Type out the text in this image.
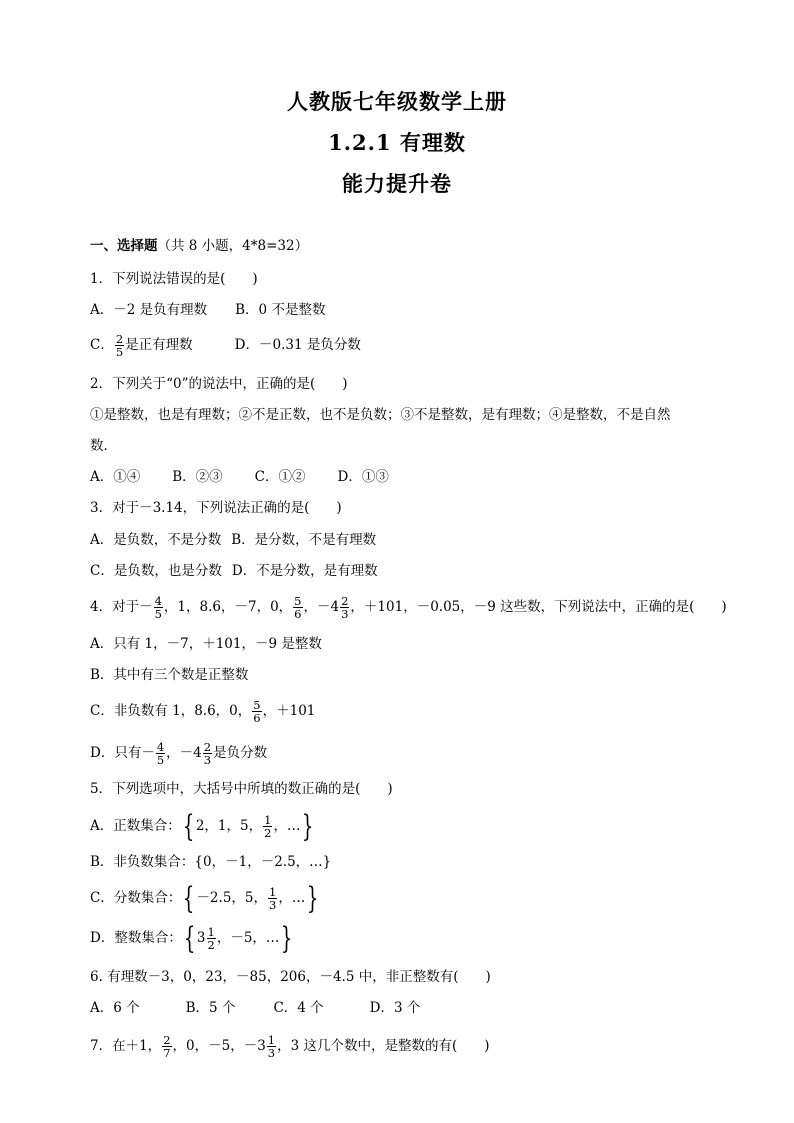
人教版七年级数学上册
1.2.1 有理数
能力提升卷
一、选择题（共 8 小题，4*8=32）
1．下列说法错误的是(　　)
A．－2 是负有理数 B．0 不是整数
C． $\frac{2}{5}$ 是正有理数	D．－0.31 是负分数
2．下列关于“0”的说法中，正确的是(　　)
①是整数，也是有理数；②不是正数，也不是负数；③不是整数，是有理数；④是整数，不是自然
数．
A．①④ B．②③ C．①② D．①③
3．对于－3.14，下列说法正确的是(　　)
A．是负数，不是分数 B．是分数，不是有理数
C．是负数，也是分数 D．不是分数，是有理数
4．对于－ $\frac{4}{5}$ ，1，8.6，－7，0， $\frac{5}{6}$ ，$-4 \frac{2}{3}$ ，＋101，－0.05，－9 这些数，下列说法中，正确的是(　　)
A．只有 1，－7，＋101，－9 是整数
B．其中有三个数是正整数
C．非负数有 1，8.6，0， $\frac{5}{6}$ ，＋101
D．只有－ $\frac{4}{5}$ ，$-4 \frac{2}{3}$ 是负分数
5．下列选项中，大括号中所填的数正确的是(　　)
A．正数集合：{ 2，1，5， $\frac{1}{2}$ ，…}
B．非负数集合：{0，－1，－2.5，…}
C．分数集合：{ －2.5，5， $\frac{1}{3}$ ，…}
D．整数集合：{ $3 \frac{1}{2}$ ，－5，…}
6. 有理数－3，0，23，－85，206，－4.5 中，非正整数有(　　)
A．6 个	B．5 个	C．4 个	D．3 个
7．在＋1， $\frac{2}{7}$ ，0，－5，$-3 \frac{1}{3}$ ，3 这几个数中，是整数的有(　　)
